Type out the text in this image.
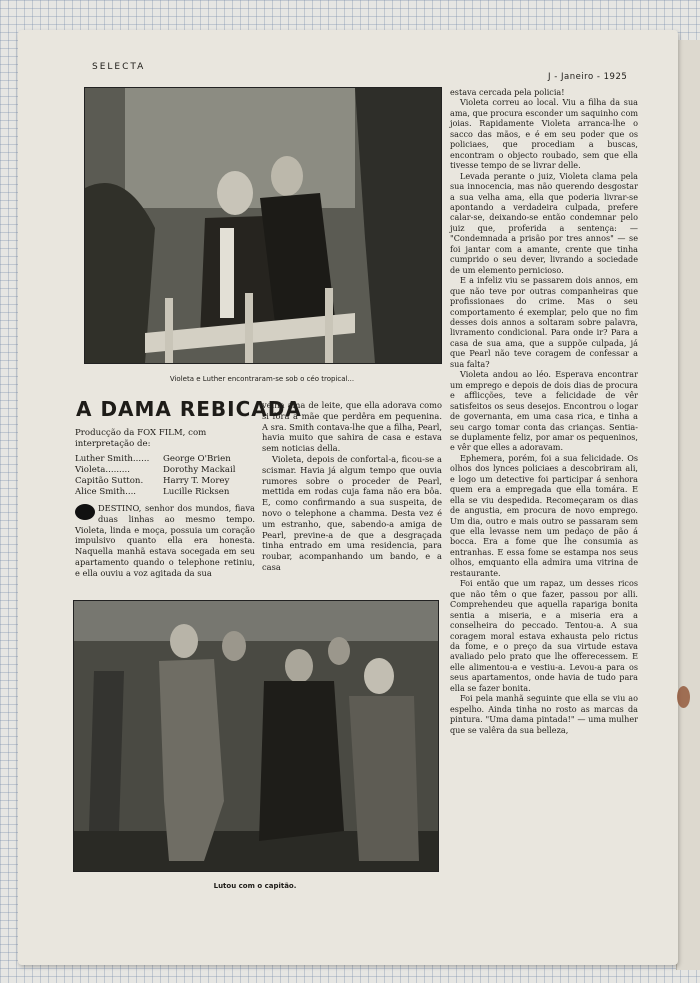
SELECTA
J - Janeiro - 1925
Violeta e Luther encontraram-se sob o céo tropical...
A DAMA REBICADA
Producção da FOX FILM, com interpretação de:
Luther Smith......	George O'Brien
Violeta.........	Dorothy Mackail
Capitão Sutton.	Harry T. Morey
Alice Smith....	Lucille Ricksen

DESTINO, senhor dos mundos, fiava duas linhas ao mesmo tempo. Violeta, linda e moça, possuia um coração impulsivo quanto ella era honesta. Naquella manhã estava socegada em seu apartamento quando o telephone retiniu, e ella ouviu a voz agitada da sua

velha ama de leite, que ella adorava como si fôra a mãe que perdêra em pequenina. A sra. Smith contava-lhe que a filha, Pearl, havia muito que sahira de casa e estava sem noticias della.

Violeta, depois de confortal-a, ficou-se a scismar. Havia já algum tempo que ouvia rumores sobre o proceder de Pearl, mettida em rodas cuja fama não era bôa. E, como confirmando a sua suspeita, de novo o telephone a chamma. Desta vez é um estranho, que, sabendo-a amiga de Pearl, previne-a de que a desgraçada tinha entrado em uma residencia, para roubar, acompanhando um bando, e a casa

Lutou com o capitão.

estava cercada pela policia!

Violeta correu ao local. Viu a filha da sua ama, que procura esconder um saquinho com joias. Rapidamente Violeta arranca-lhe o sacco das mãos, e é em seu poder que os policiaes, que procediam a buscas, encontram o objecto roubado, sem que ella tivesse tempo de se livrar delle.

Levada perante o juiz, Violeta clama pela sua innocencia, mas não querendo desgostar a sua velha ama, ella que poderia livrar-se apontando a verdadeira culpada, prefere calar-se, deixando-se então condemnar pelo juiz que, proferida a sentença: — "Condemnada a prisão por tres annos" — se foi jantar com a amante, crente que tinha cumprido o seu dever, livrando a sociedade de um elemento pernicioso.

E a infeliz viu se passarem dois annos, em que não teve por outras companheiras que profissionaes do crime. Mas o seu comportamento é exemplar, pelo que no fim desses dois annos a soltaram sobre palavra, livramento condicional. Para onde ir? Para a casa de sua ama, que a suppõe culpada, já que Pearl não teve coragem de confessar a sua falta?

Violeta andou ao léo. Esperava encontrar um emprego e depois de dois dias de procura e afflicções, teve a felicidade de vêr satisfeitos os seus desejos. Encontrou o logar de governanta, em uma casa rica, e tinha a seu cargo tomar conta das crianças. Sentia-se duplamente feliz, por amar os pequeninos, e vêr que elles a adoravam.

Ephemera, porém, foi a sua felicidade. Os olhos dos lynces policiaes a descobriram ali, e logo um detective foi participar á senhora quem era a empregada que ella tomára. E ella se viu despedida. Recomeçaram os dias de angustia, em procura de novo emprego. Um dia, outro e mais outro se passaram sem que ella levasse nem um pedaço de pão á bocca. Era a fome que lhe consumia as entranhas. E essa fome se estampa nos seus olhos, emquanto ella admira uma vitrina de restaurante.

Foi então que um rapaz, um desses ricos que não têm o que fazer, passou por alli. Comprehendeu que aquella rapariga bonita sentia a miseria, e a miseria era a conselheira do peccado. Tentou-a. A sua coragem moral estava exhausta pelo rictus da fome, e o preço da sua virtude estava avaliado pelo prato que lhe offerecessem. E elle alimentou-a e vestiu-a. Levou-a para os seus apartamentos, onde havia de tudo para ella se fazer bonita.

Foi pela manhã seguinte que ella se viu ao espelho. Ainda tinha no rosto as marcas da pintura. "Uma dama pintada!" — uma mulher que se valêra da sua belleza,
